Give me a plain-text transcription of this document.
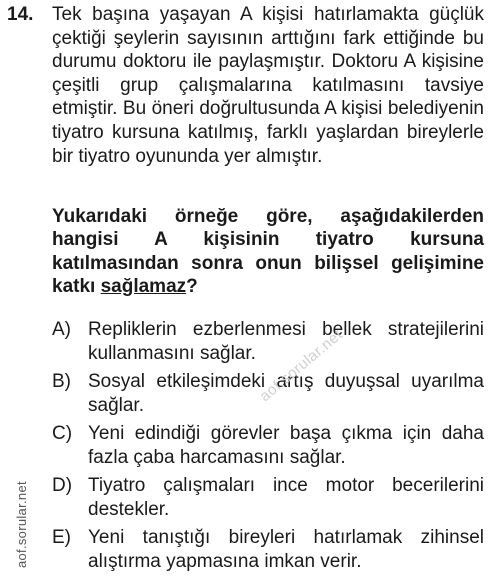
14. Tek başına yaşayan A kişisi hatırlamakta güçlük çektiği şeylerin sayısının arttığını fark ettiğinde bu durumu doktoru ile paylaşmıştır. Doktoru A kişisine çeşitli grup çalışmalarına katılmasını tavsiye etmiştir. Bu öneri doğrultusunda A kişisi belediyenin tiyatro kursuna katılmış, farklı yaşlardan bireylerle bir tiyatro oyununda yer almıştır.
Yukarıdaki örneğe göre, aşağıdakilerden hangisi A kişisinin tiyatro kursuna katılmasından sonra onun bilişsel gelişimine katkı sağlamaz?
A) Repliklerin ezberlenmesi bellek stratejilerini kullanmasını sağlar.
B) Sosyal etkileşimdeki artış duyuşsal uyarılma sağlar.
C) Yeni edindiği görevler başa çıkma için daha fazla çaba harcamasını sağlar.
D) Tiyatro çalışmaları ince motor becerilerini destekler.
E) Yeni tanıştığı bireyleri hatırlamak zihinsel alıştırma yapmasına imkan verir.
aof.sorular.net
aof.sorular.net
